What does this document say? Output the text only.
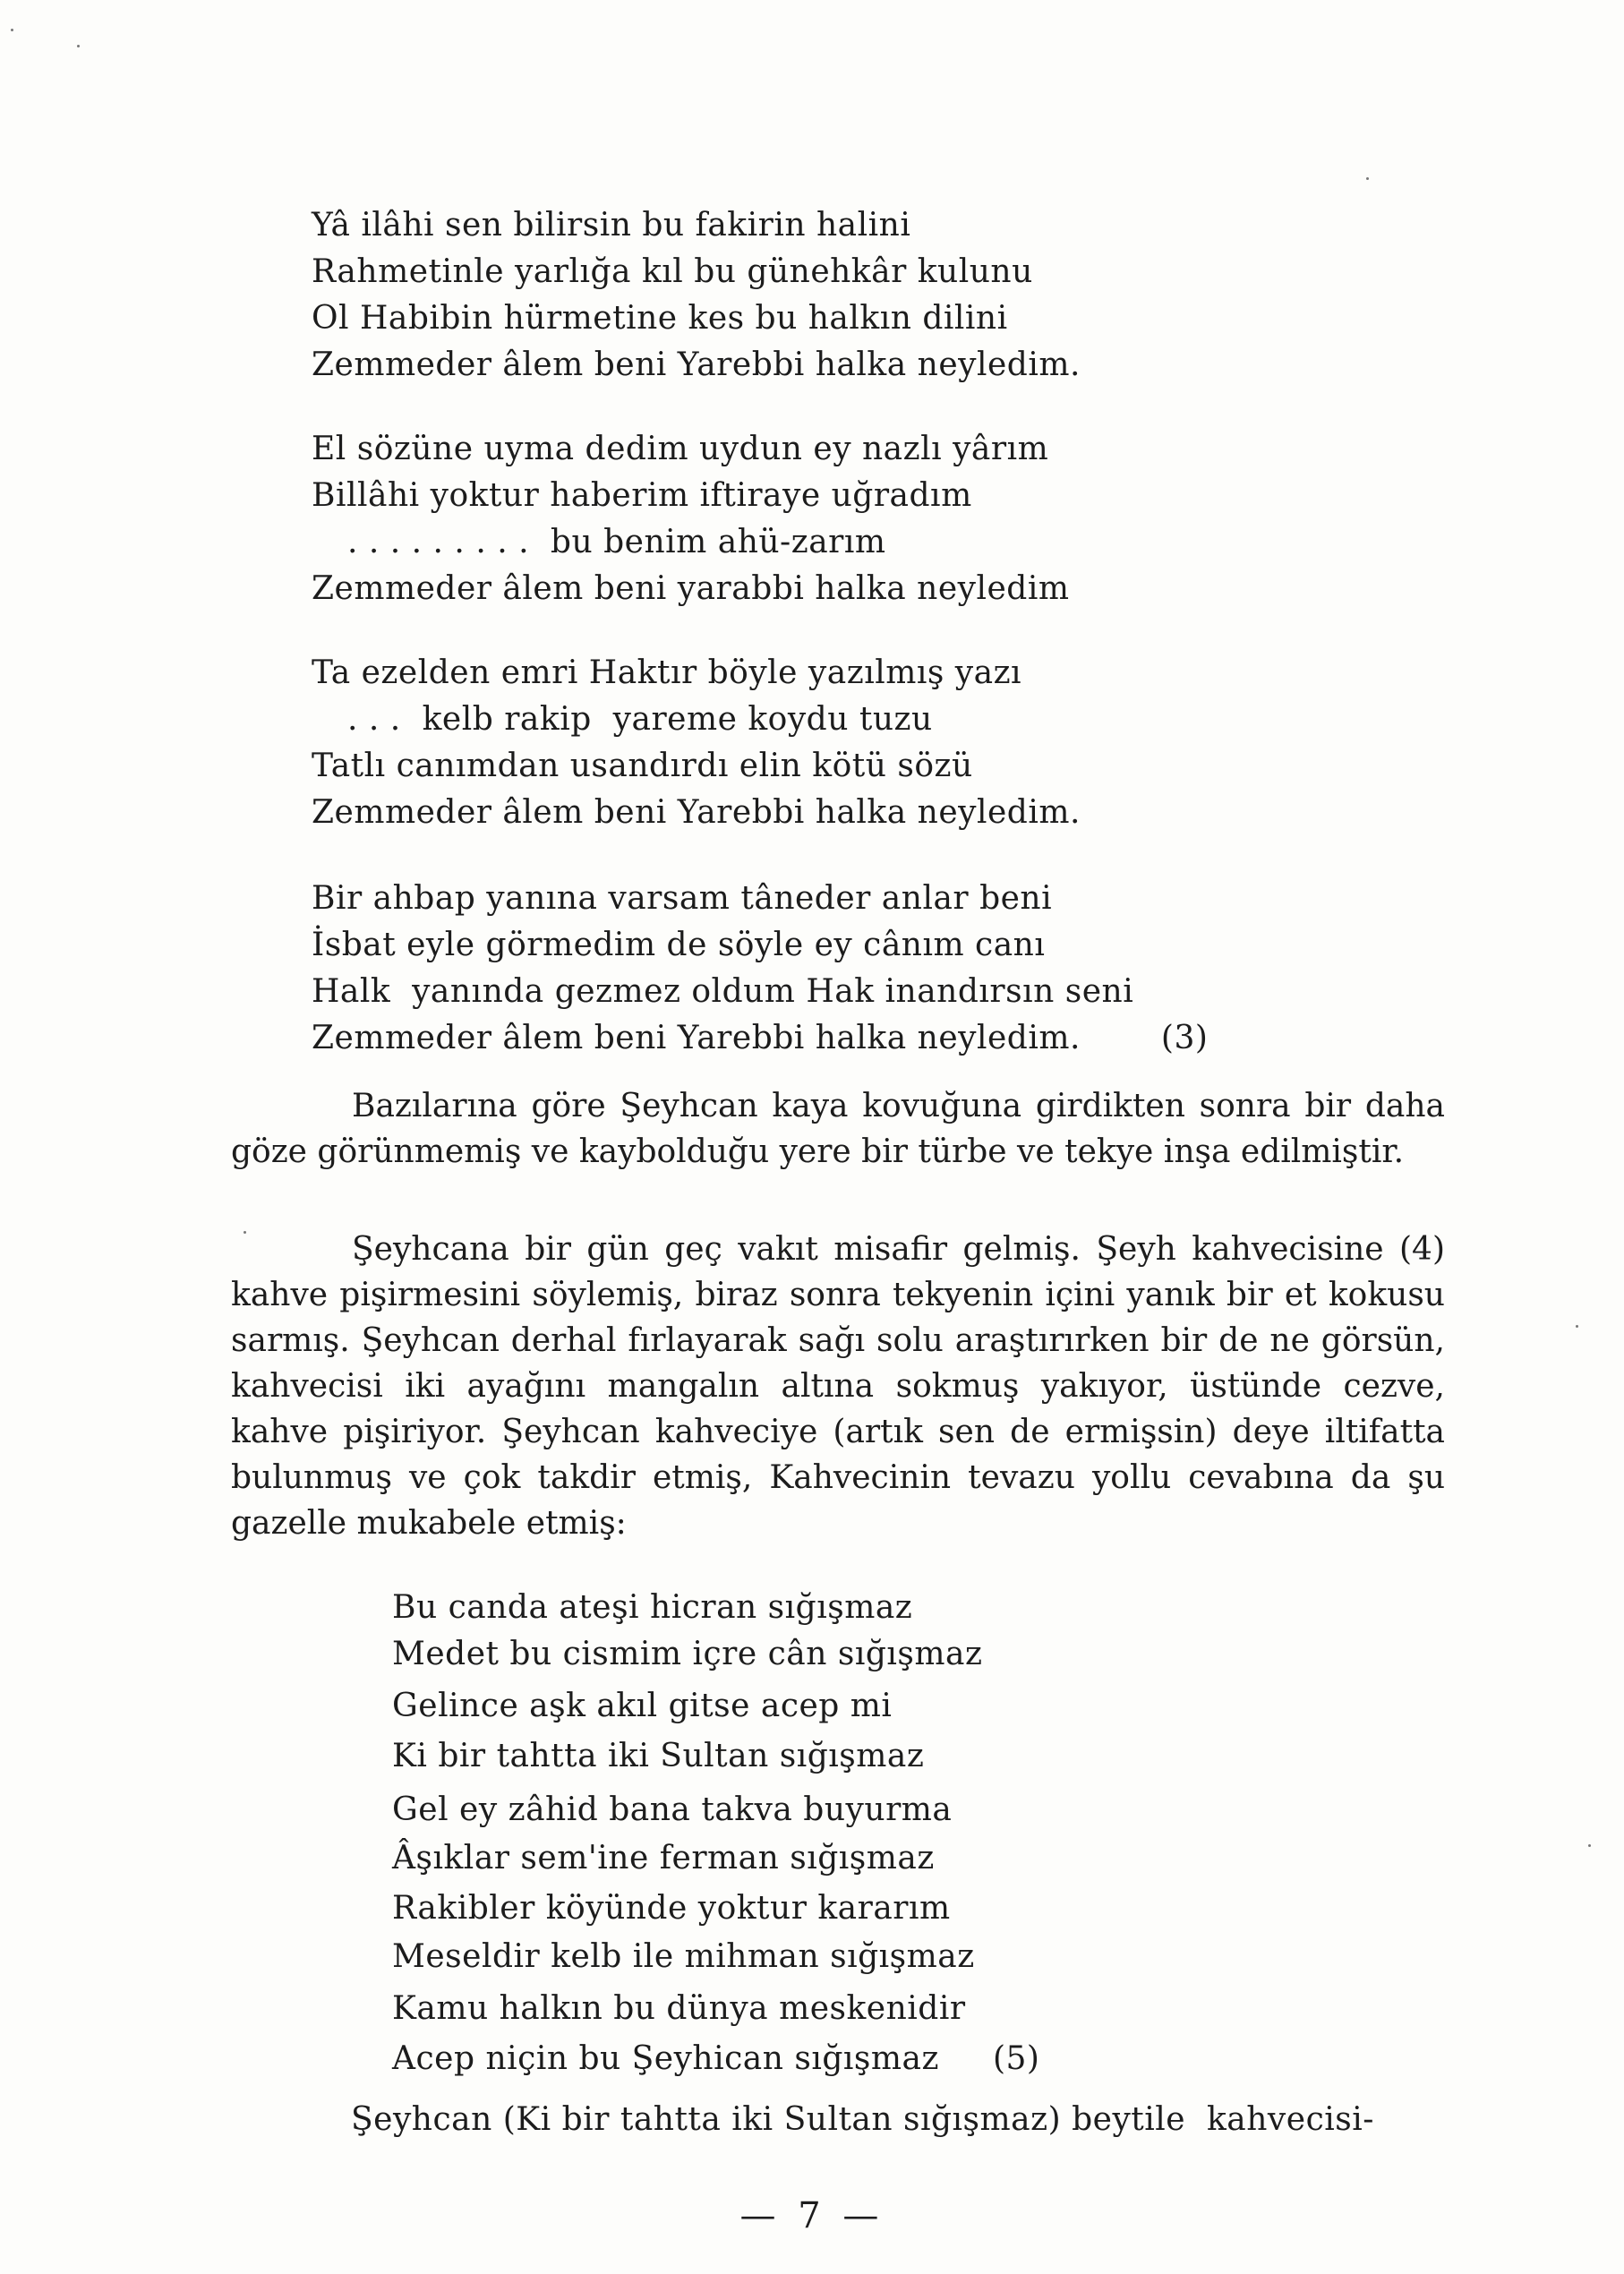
Yâ ilâhi sen bilirsin bu fakirin halini
Rahmetinle yarlığa kıl bu günehkâr kulunu
Ol Habibin hürmetine kes bu halkın dilini
Zemmeder âlem beni Yarebbi halka neyledim.
El sözüne uyma dedim uydun ey nazlı yârım
Billâhi yoktur haberim iftiraye uğradım
. . . . . . . . .  bu benim ahü-zarım
Zemmeder âlem beni yarabbi halka neyledim
Ta ezelden emri Haktır böyle yazılmış yazı
. . .  kelb rakip  yareme koydu tuzu
Tatlı canımdan usandırdı elin kötü sözü
Zemmeder âlem beni Yarebbi halka neyledim.
Bir ahbap yanına varsam tâneder anlar beni
İsbat eyle görmedim de söyle ey cânım canı
Halk  yanında gezmez oldum Hak inandırsın seni
Zemmeder âlem beni Yarebbi halka neyledim.	(3)
Bazılarına göre Şeyhcan kaya kovuğuna girdikten sonra bir daha göze görünmemiş ve kaybolduğu yere bir türbe ve tekye inşa edilmiştir.
Şeyhcana bir gün geç vakıt misafir gelmiş. Şeyh kahvecisine (4) kahve pişirmesini söylemiş, biraz sonra tekyenin içini yanık bir et kokusu sarmış. Şeyhcan derhal fırlayarak sağı solu araştırırken bir de ne görsün, kahvecisi iki ayağını mangalın altına sokmuş yakıyor, üstünde cezve, kahve pişiriyor. Şeyhcan kahveciye (artık sen de ermişsin) deye iltifatta bulunmuş ve çok takdir etmiş, Kahvecinin tevazu yollu cevabına da şu gazelle mukabele etmiş:
Bu canda ateşi hicran sığışmaz
Medet bu cismim içre cân sığışmaz
Gelince aşk akıl gitse acep mi
Ki bir tahtta iki Sultan sığışmaz
Gel ey zâhid bana takva buyurma
Âşıklar sem'ine ferman sığışmaz
Rakibler köyünde yoktur kararım
Meseldir kelb ile mihman sığışmaz
Kamu halkın bu dünya meskenidir
Acep niçin bu Şeyhican sığışmaz (5)
Şeyhcan (Ki bir tahtta iki Sultan sığışmaz) beytile  kahvecisi-
— 7 —
